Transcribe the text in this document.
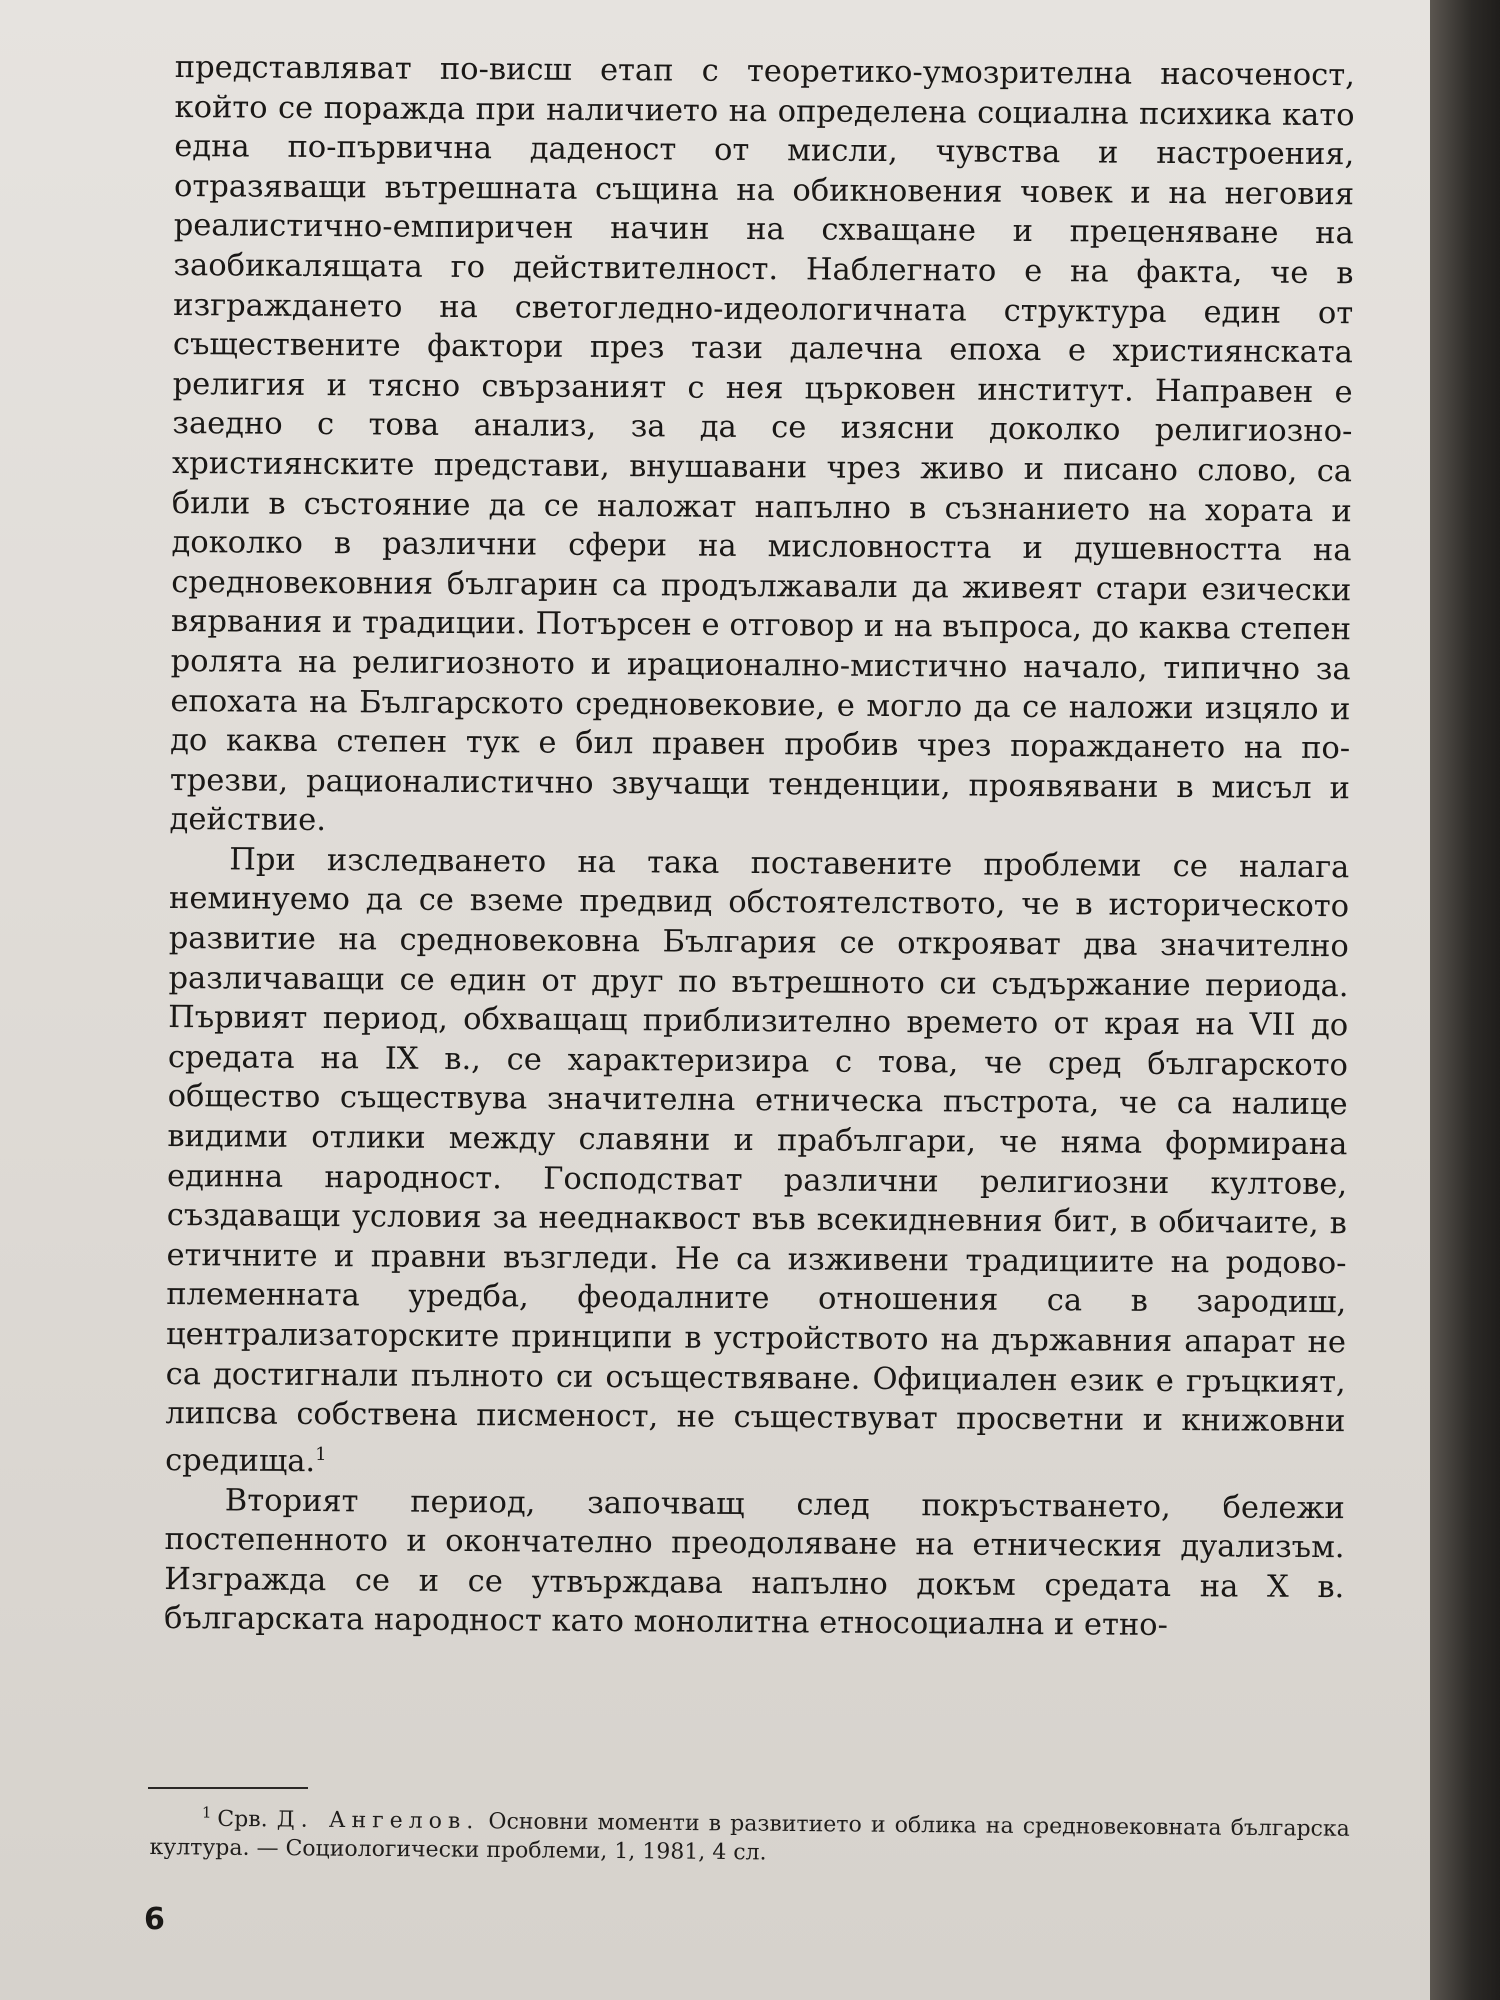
представляват по-висш етап с теоретико-умозрителна насоченост, който се поражда при наличието на определена социална психика като една по-първична даденост от мисли, чувства и настроения, отразяващи вътрешната същина на обикновения човек и на неговия реалистично-емпиричен начин на схващане и преценяване на заобикалящата го действителност. Наблегнато е на факта, че в изграждането на светогледно-идеологичната структура един от съществените фактори през тази далечна епоха е християнската религия и тясно свързаният с нея църковен институт. Направен е заедно с това анализ, за да се изясни доколко религиозно-християнските представи, внушавани чрез живо и писано слово, са били в състояние да се наложат напълно в съзнанието на хората и доколко в различни сфери на мисловността и душевността на средновековния българин са продължавали да живеят стари езически вярвания и традиции. Потърсен е отговор и на въпроса, до каква степен ролята на религиозното и ирационално-мистично начало, типично за епохата на Българското средновековие, е могло да се наложи изцяло и до каква степен тук е бил правен пробив чрез пораждането на по-трезви, рационалистично звучащи тенденции, проявявани в мисъл и действие.

При изследването на така поставените проблеми се налага неминуемо да се вземе предвид обстоятелството, че в историческото развитие на средновековна България се открояват два значително различаващи се един от друг по вътрешното си съдържание периода. Първият период, обхващащ приблизително времето от края на VII до средата на IX в., се характеризира с това, че сред българското общество съществува значителна етническа пъстрота, че са налице видими отлики между славяни и прабългари, че няма формирана единна народност. Господстват различни религиозни култове, създаващи условия за нееднаквост във всекидневния бит, в обичаите, в етичните и правни възгледи. Не са изживени традициите на родово-племенната уредба, феодалните отношения са в зародиш, централизаторските принципи в устройството на държавния апарат не са достигнали пълното си осъществяване. Официален език е гръцкият, липсва собствена писменост, не съществуват просветни и книжовни средища.$^1$

Вторият период, започващ след покръстването, бележи постепенното и окончателно преодоляване на етническия дуализъм. Изгражда се и се утвърждава напълно докъм средата на X в. българската народност като монолитна етносоциална и етно-

$^1$ Срв. Д. Ангелов. Основни моменти в развитието и облика на средновековната българска култура. — Социологически проблеми, 1, 1981, 4 сл.
6
